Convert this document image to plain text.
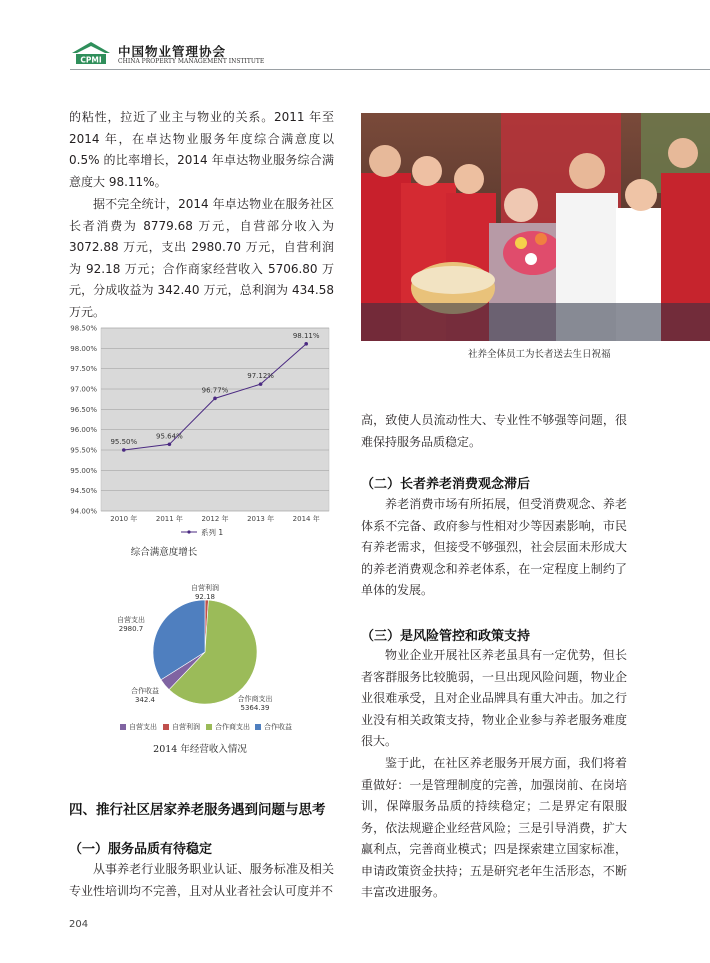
CPMI
中国物业管理协会
CHINA PROPERTY MANAGEMENT INSTITUTE
的粘性，拉近了业主与物业的关系。2011 年至 2014 年，在卓达物业服务年度综合满意度以 0.5% 的比率增长，2014 年卓达物业服务综合满意度大 98.11%。
据不完全统计，2014 年卓达物业在服务社区长者消费为 8779.68 万元，自营部分收入为 3072.88 万元，支出 2980.70 万元，自营利润为 92.18 万元；合作商家经营收入 5706.80 万元，分成收益为 342.40 万元，总利润为 434.58 万元。
98.50%
98.00%
97.50%
97.00%
96.50%
96.00%
95.50%
95.00%
94.50%
94.00%
2010 年	2011 年	2012 年	2013 年	2014 年
95.50%
95.64%
96.77%
97.12%
98.11%
系列 1
综合满意度增长
自营利润
92.18
自营支出
2980.7
合作收益
342.4	合作商支出
5364.39
自营支出 自营利润 合作商支出 合作收益
2014 年经营收入情况
四、推行社区居家养老服务遇到问题与思考
（一）服务品质有待稳定
从事养老行业服务职业认证、服务标准及相关专业性培训均不完善，且对从业者社会认可度并不
社养全体员工为长者送去生日祝福
高，致使人员流动性大、专业性不够强等问题，很难保持服务品质稳定。
（二）长者养老消费观念滞后
养老消费市场有所拓展，但受消费观念、养老体系不完备、政府参与性相对少等因素影响，市民有养老需求，但接受不够强烈，社会层面未形成大的养老消费观念和养老体系，在一定程度上制约了单体的发展。
（三）是风险管控和政策支持
物业企业开展社区养老虽具有一定优势，但长者客群服务比较脆弱，一旦出现风险问题，物业企业很难承受，且对企业品牌具有重大冲击。加之行业没有相关政策支持，物业企业参与养老服务难度很大。
鉴于此，在社区养老服务开展方面，我们将着重做好：一是管理制度的完善，加强岗前、在岗培训，保障服务品质的持续稳定；二是界定有限服务，依法规避企业经营风险；三是引导消费，扩大赢利点，完善商业模式；四是探索建立国家标准，申请政策资金扶持；五是研究老年生活形态，不断丰富改进服务。
204
